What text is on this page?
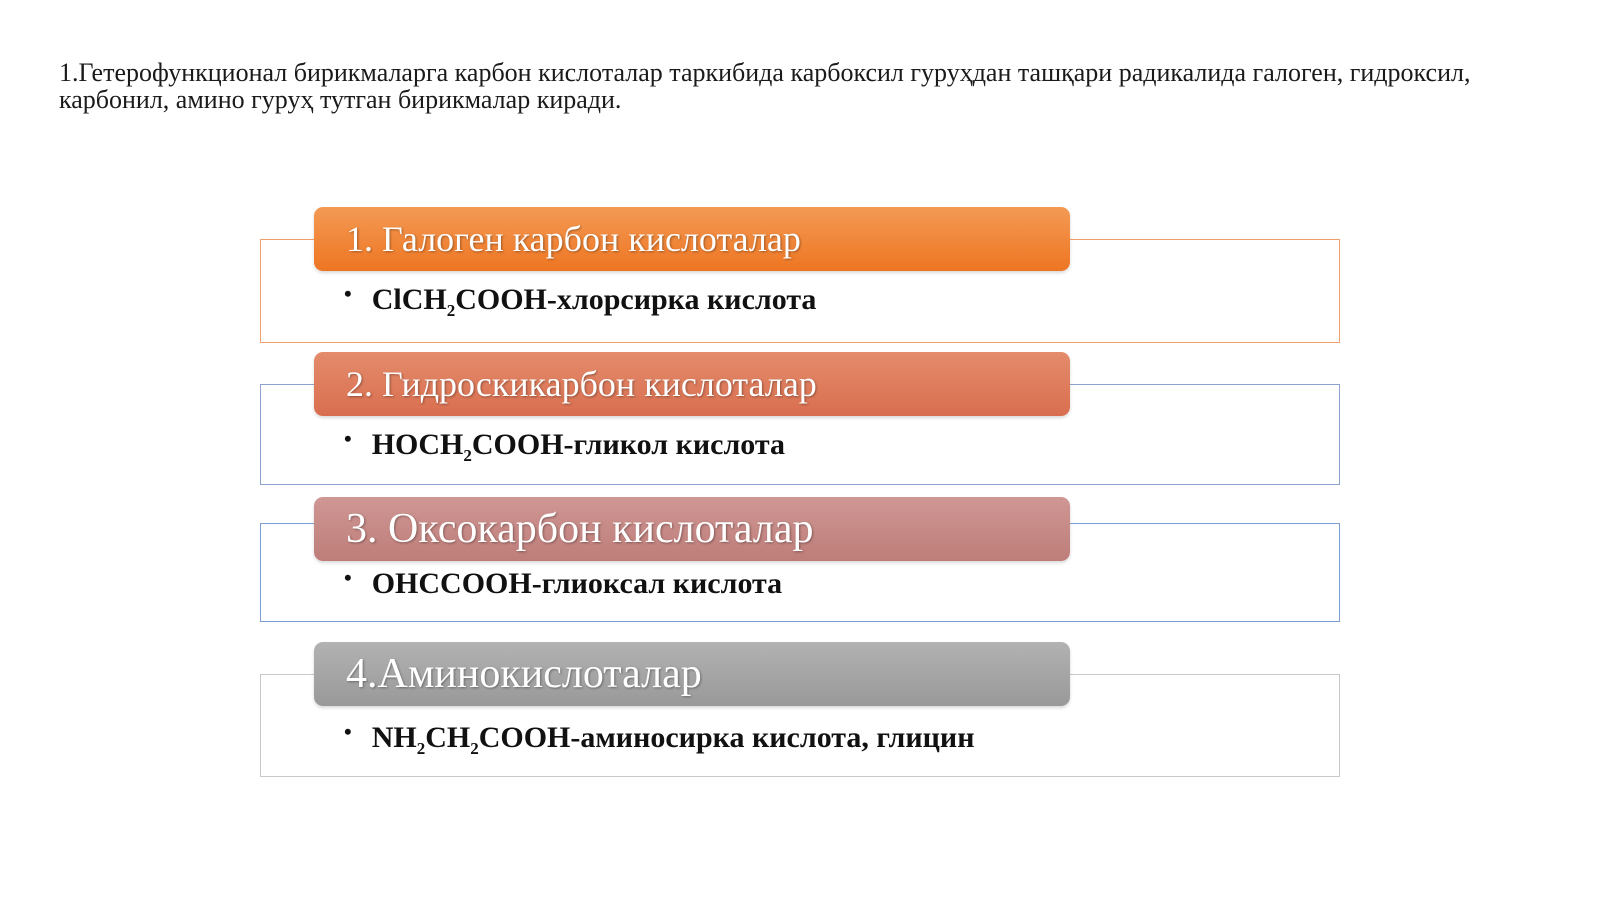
1.Гетерофункционал бирикмаларга карбон кислоталар таркибида карбоксил гуруҳдан ташқари радикалида галоген, гидроксил, карбонил, амино гуруҳ тутган бирикмалар киради.

1. Галоген карбон кислоталар
• ClCH$_2$COOH -хлорсирка кислота
2. Гидроскикарбон кислоталар
• $HOCH_2COOH$ -гликол кислота
3. Оксокарбон кислоталар
• OHCCOOH -глиоксал кислота
4.Аминокислоталар
• $NH_2CH_2COOH$ -аминосирка кислота, глицин
